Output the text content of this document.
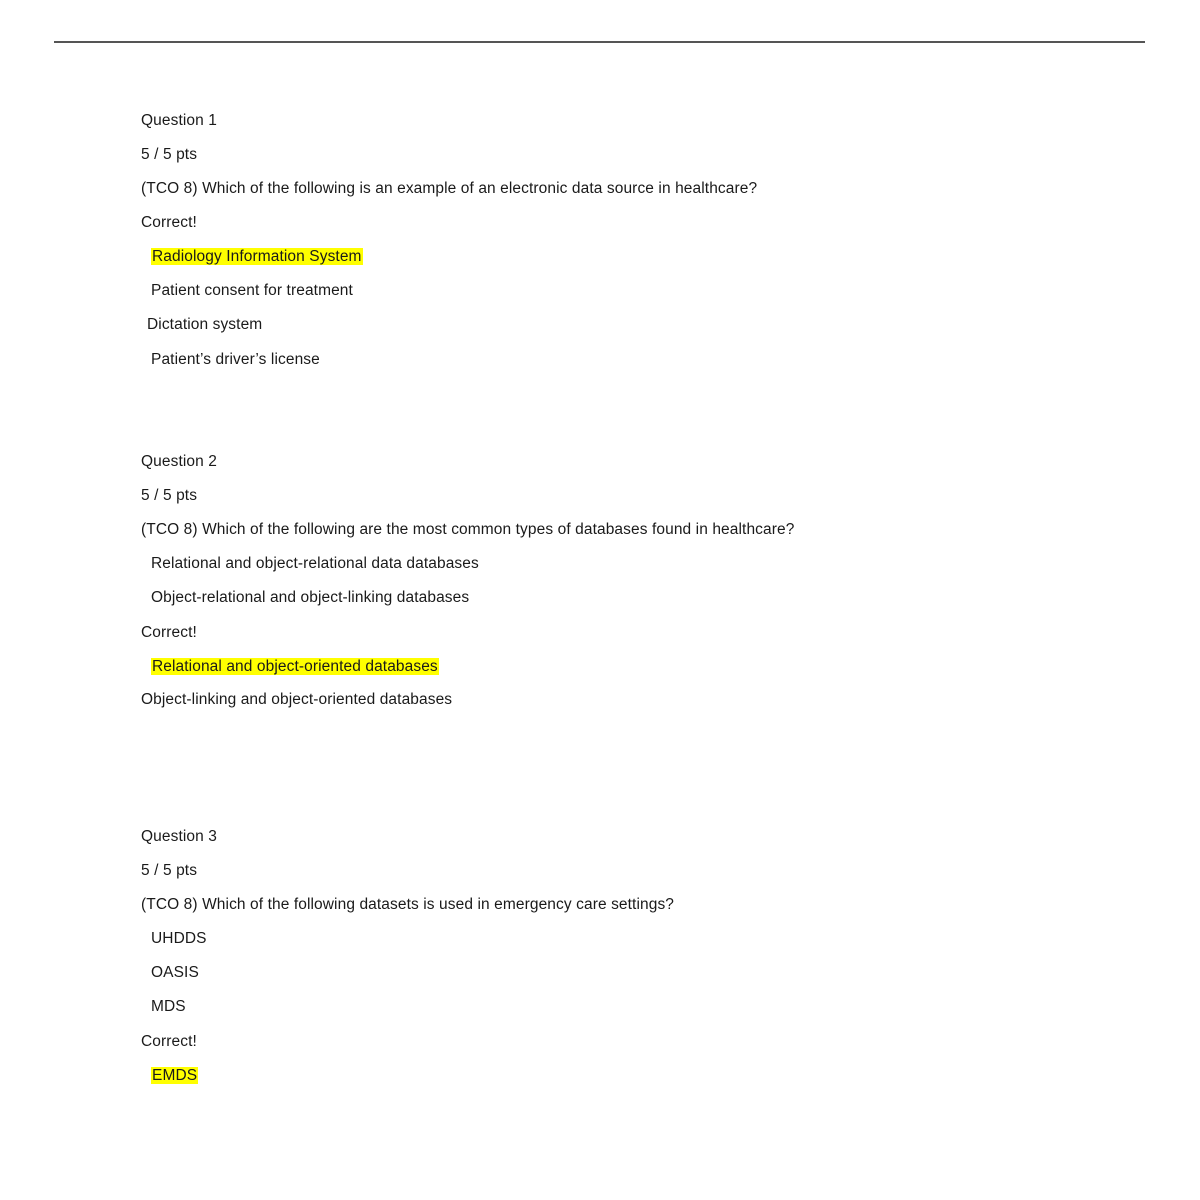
Question 1
5 / 5 pts
(TCO 8) Which of the following is an example of an electronic data source in healthcare?
Correct!
Radiology Information System
Patient consent for treatment
Dictation system
Patient’s driver’s license
Question 2
5 / 5 pts
(TCO 8) Which of the following are the most common types of databases found in healthcare?
Relational and object-relational data databases
Object-relational and object-linking databases
Correct!
Relational and object-oriented databases
Object-linking and object-oriented databases
Question 3
5 / 5 pts
(TCO 8) Which of the following datasets is used in emergency care settings?
UHDDS
OASIS
MDS
Correct!
EMDS
